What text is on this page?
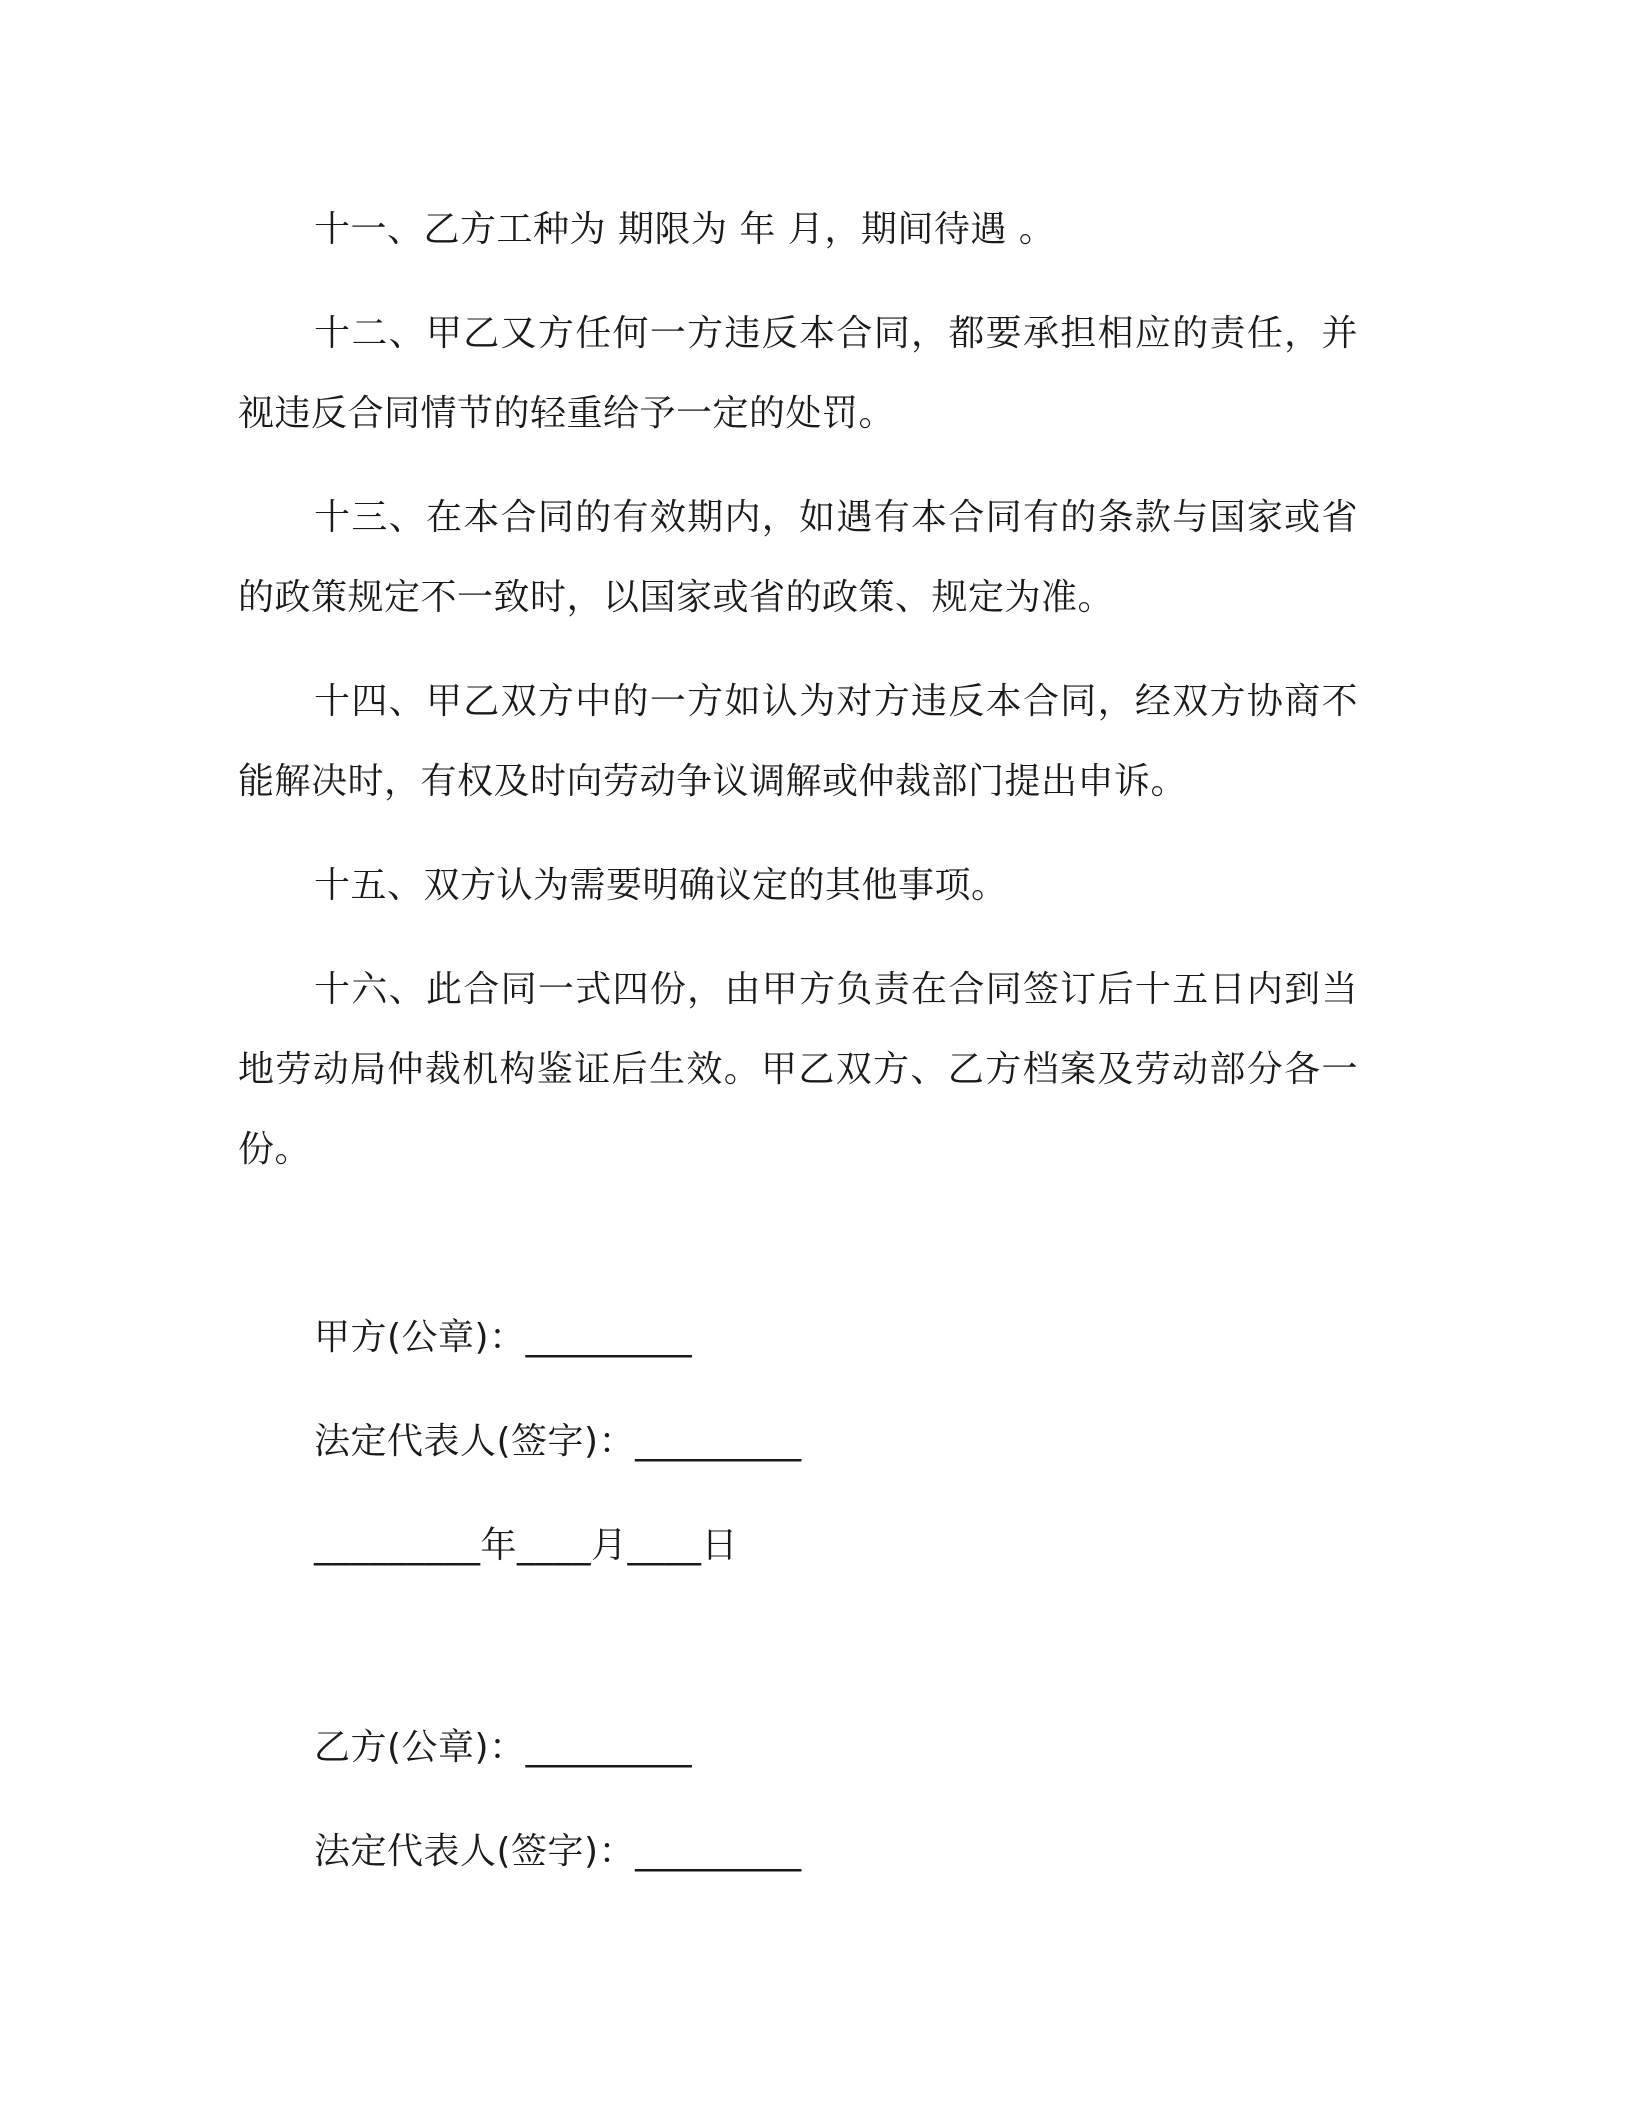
十一、乙方工种为 期限为 年 月，期间待遇 。

十二、甲乙又方任何一方违反本合同，都要承担相应的责任，并视违反合同情节的轻重给予一定的处罚。

十三、在本合同的有效期内，如遇有本合同有的条款与国家或省的政策规定不一致时，以国家或省的政策、规定为准。

十四、甲乙双方中的一方如认为对方违反本合同，经双方协商不能解决时，有权及时向劳动争议调解或仲裁部门提出申诉。

十五、双方认为需要明确议定的其他事项。

十六、此合同一式四份，由甲方负责在合同签订后十五日内到当地劳动局仲裁机构鉴证后生效。甲乙双方、乙方档案及劳动部分各一份。

甲方(公章)：_________
法定代表人(签字)：_________
_________年____月____日
乙方(公章)：_________
法定代表人(签字)：_________
